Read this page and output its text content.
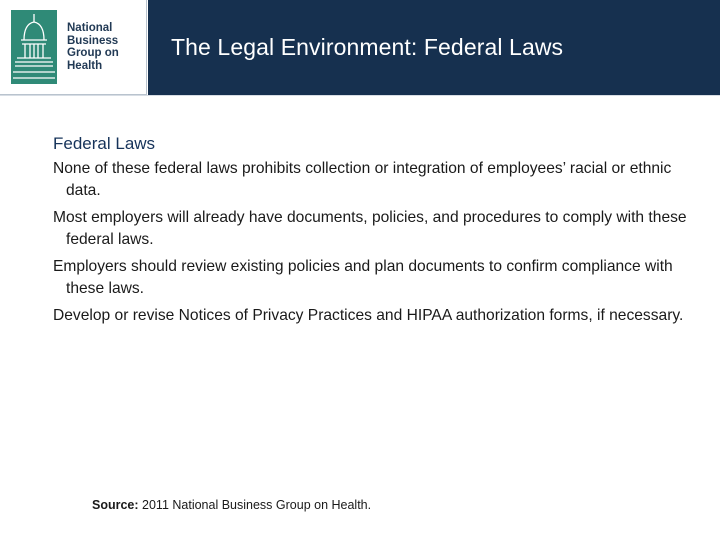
National
Business
Group on
Health
The Legal Environment: Federal Laws
Federal Laws
None of these federal laws prohibits collection or integration of employees’ racial or ethnic data.
Most employers will already have documents, policies, and procedures to comply with these federal laws.
Employers should review existing policies and plan documents to confirm compliance with these laws.
Develop or revise Notices of Privacy Practices and HIPAA authorization forms, if necessary.
Source: 2011 National Business Group on Health.
